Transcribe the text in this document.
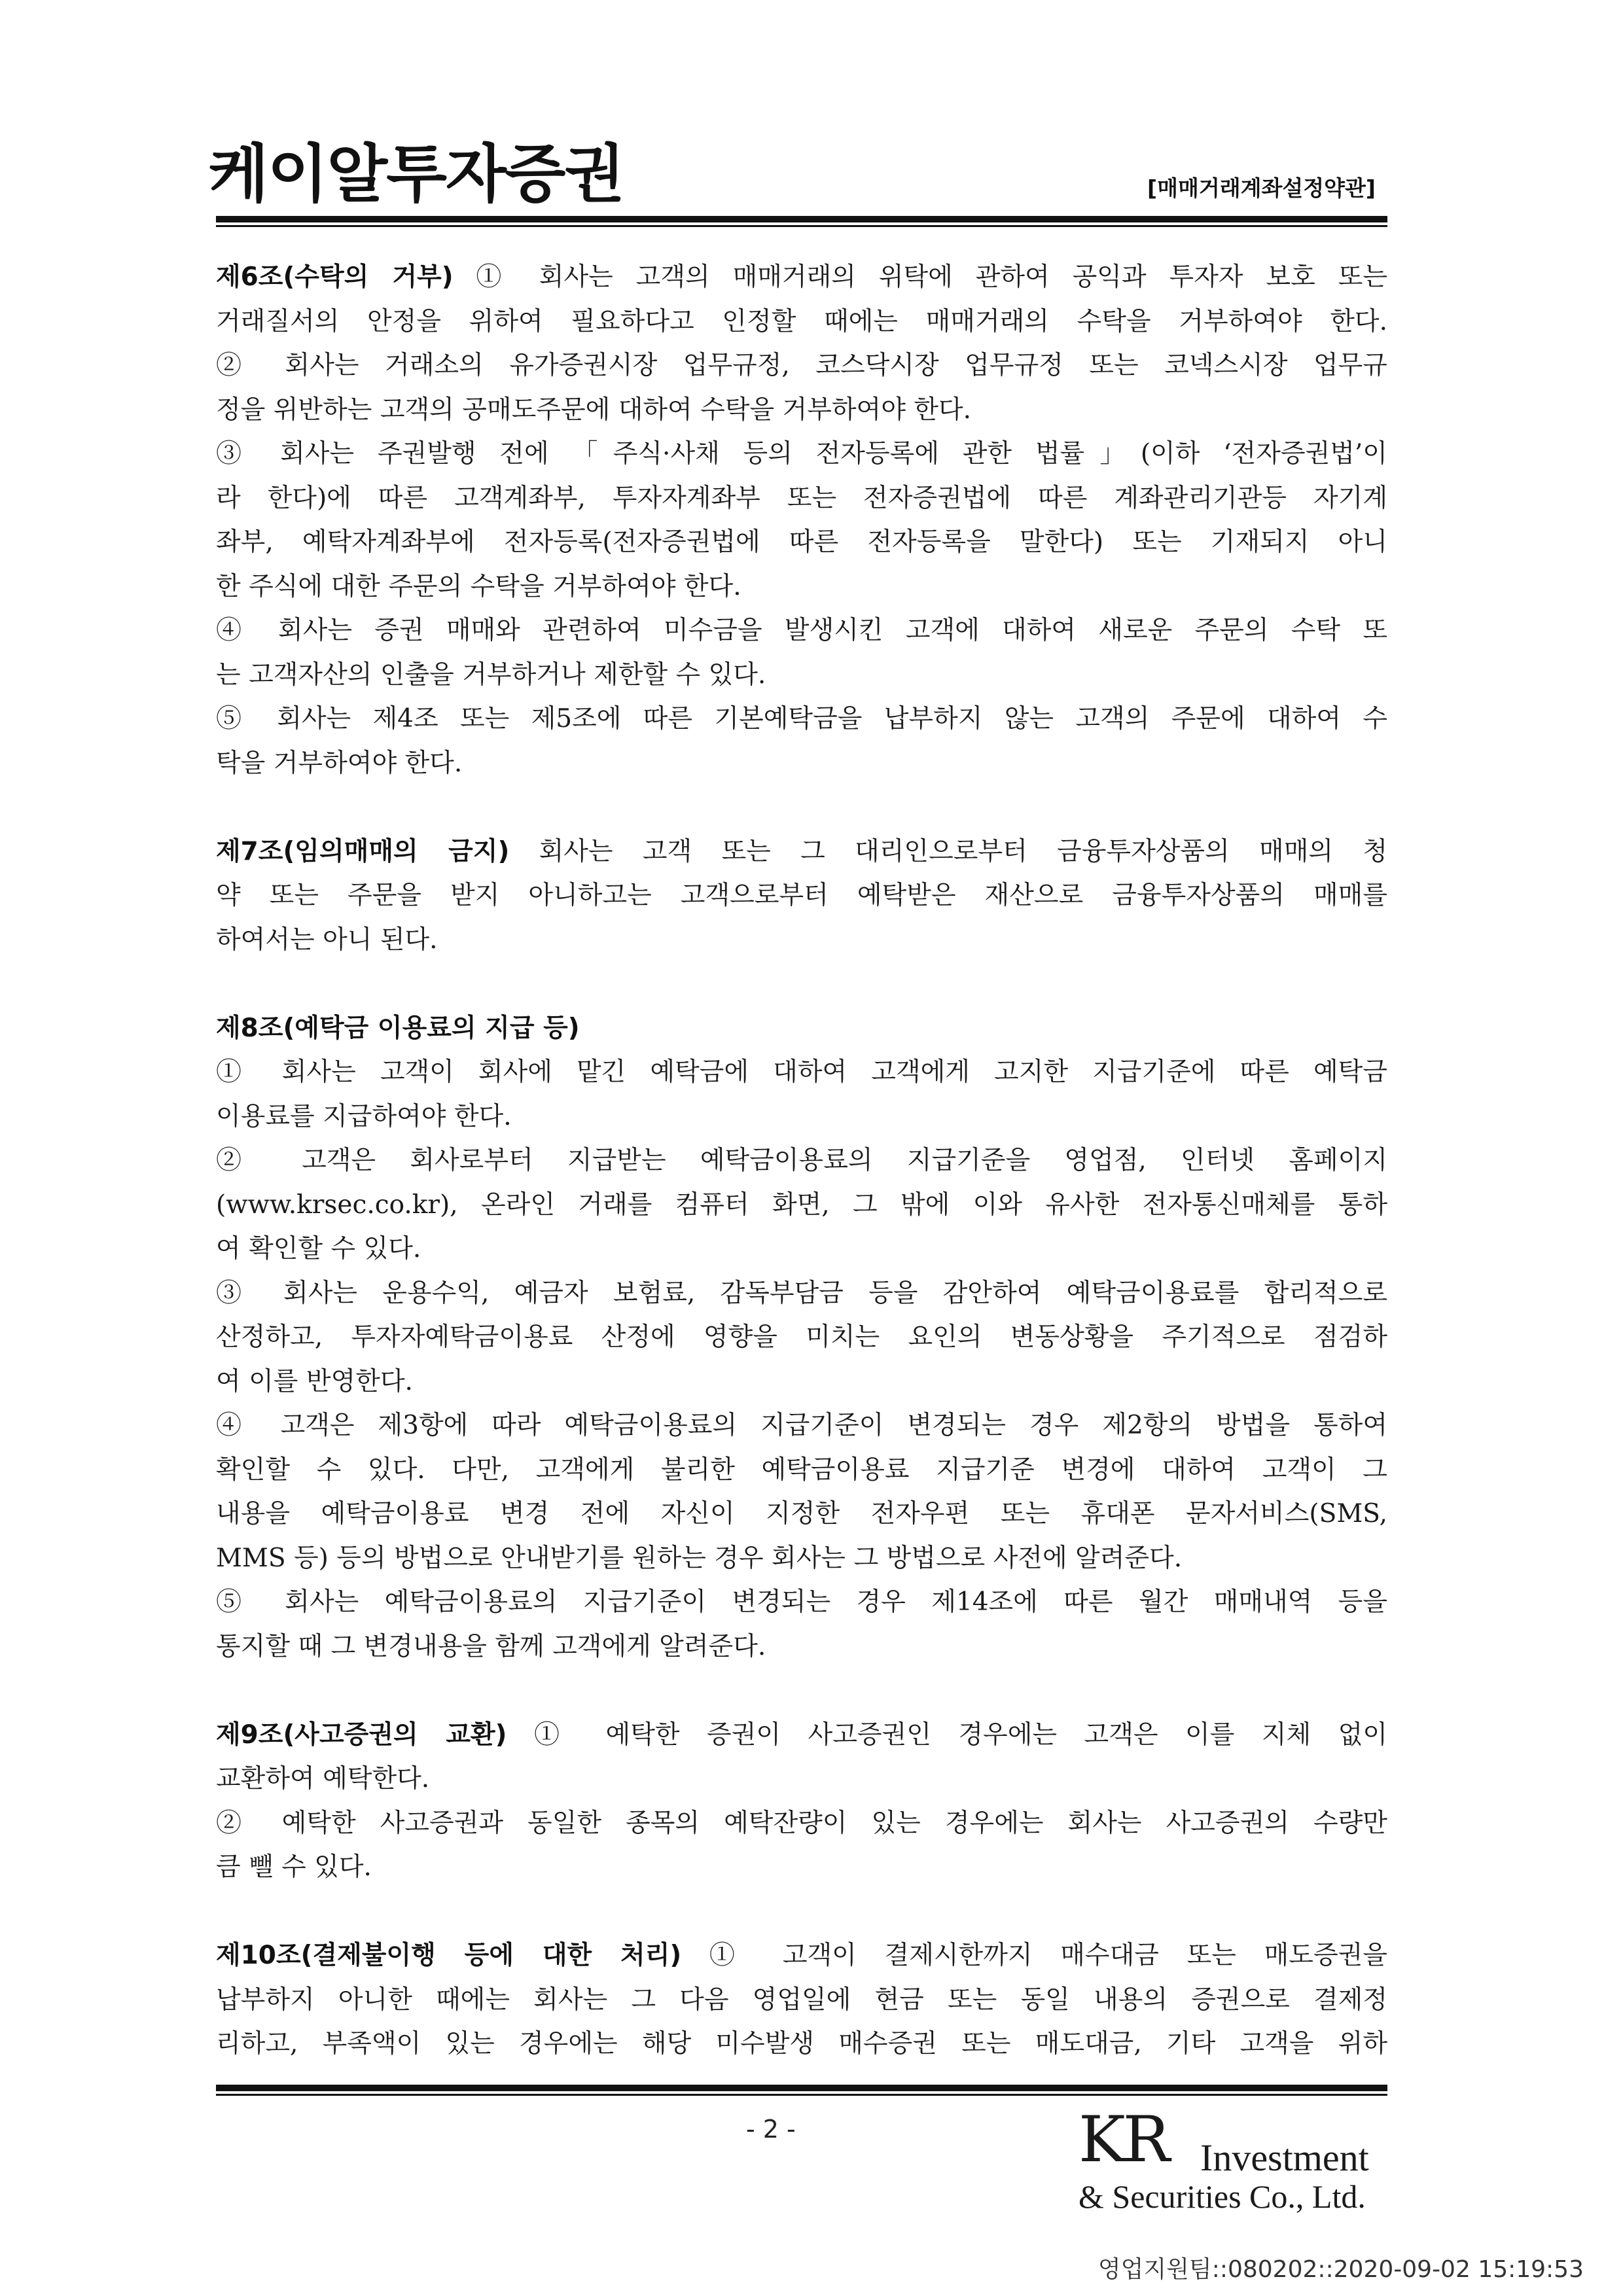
케이알투자증권	[매매거래계좌설정약관]
제6조(수탁의 거부) ① 회사는 고객의 매매거래의 위탁에 관하여 공익과 투자자 보호 또는
거래질서의 안정을 위하여 필요하다고 인정할 때에는 매매거래의 수탁을 거부하여야 한다.
② 회사는 거래소의 유가증권시장 업무규정, 코스닥시장 업무규정 또는 코넥스시장 업무규
정을 위반하는 고객의 공매도주문에 대하여 수탁을 거부하여야 한다.
③ 회사는 주권발행 전에 「주식·사채 등의 전자등록에 관한 법률」(이하 ‘전자증권법’이
라 한다)에 따른 고객계좌부, 투자자계좌부 또는 전자증권법에 따른 계좌관리기관등 자기계
좌부, 예탁자계좌부에 전자등록(전자증권법에 따른 전자등록을 말한다) 또는 기재되지 아니
한 주식에 대한 주문의 수탁을 거부하여야 한다.
④ 회사는 증권 매매와 관련하여 미수금을 발생시킨 고객에 대하여 새로운 주문의 수탁 또
는 고객자산의 인출을 거부하거나 제한할 수 있다.
⑤ 회사는 제4조 또는 제5조에 따른 기본예탁금을 납부하지 않는 고객의 주문에 대하여 수
탁을 거부하여야 한다.
제7조(임의매매의 금지) 회사는 고객 또는 그 대리인으로부터 금융투자상품의 매매의 청
약 또는 주문을 받지 아니하고는 고객으로부터 예탁받은 재산으로 금융투자상품의 매매를
하여서는 아니 된다.
제8조(예탁금 이용료의 지급 등)
① 회사는 고객이 회사에 맡긴 예탁금에 대하여 고객에게 고지한 지급기준에 따른 예탁금
이용료를 지급하여야 한다.
② 고객은 회사로부터 지급받는 예탁금이용료의 지급기준을 영업점, 인터넷 홈페이지
(www.krsec.co.kr), 온라인 거래를 컴퓨터 화면, 그 밖에 이와 유사한 전자통신매체를 통하
여 확인할 수 있다.
③ 회사는 운용수익, 예금자 보험료, 감독부담금 등을 감안하여 예탁금이용료를 합리적으로
산정하고, 투자자예탁금이용료 산정에 영향을 미치는 요인의 변동상황을 주기적으로 점검하
여 이를 반영한다.
④ 고객은 제3항에 따라 예탁금이용료의 지급기준이 변경되는 경우 제2항의 방법을 통하여
확인할 수 있다. 다만, 고객에게 불리한 예탁금이용료 지급기준 변경에 대하여 고객이 그
내용을 예탁금이용료 변경 전에 자신이 지정한 전자우편 또는 휴대폰 문자서비스(SMS,
MMS 등) 등의 방법으로 안내받기를 원하는 경우 회사는 그 방법으로 사전에 알려준다.
⑤ 회사는 예탁금이용료의 지급기준이 변경되는 경우 제14조에 따른 월간 매매내역 등을
통지할 때 그 변경내용을 함께 고객에게 알려준다.
제9조(사고증권의 교환) ① 예탁한 증권이 사고증권인 경우에는 고객은 이를 지체 없이
교환하여 예탁한다.
② 예탁한 사고증권과 동일한 종목의 예탁잔량이 있는 경우에는 회사는 사고증권의 수량만
큼 뺄 수 있다.
제10조(결제불이행 등에 대한 처리) ① 고객이 결제시한까지 매수대금 또는 매도증권을
납부하지 아니한 때에는 회사는 그 다음 영업일에 현금 또는 동일 내용의 증권으로 결제정
리하고, 부족액이 있는 경우에는 해당 미수발생 매수증권 또는 매도대금, 기타 고객을 위하
- 2 -	KR Investment
& Securities Co., Ltd.
영업지원팀::080202::2020-09-02 15:19:53
